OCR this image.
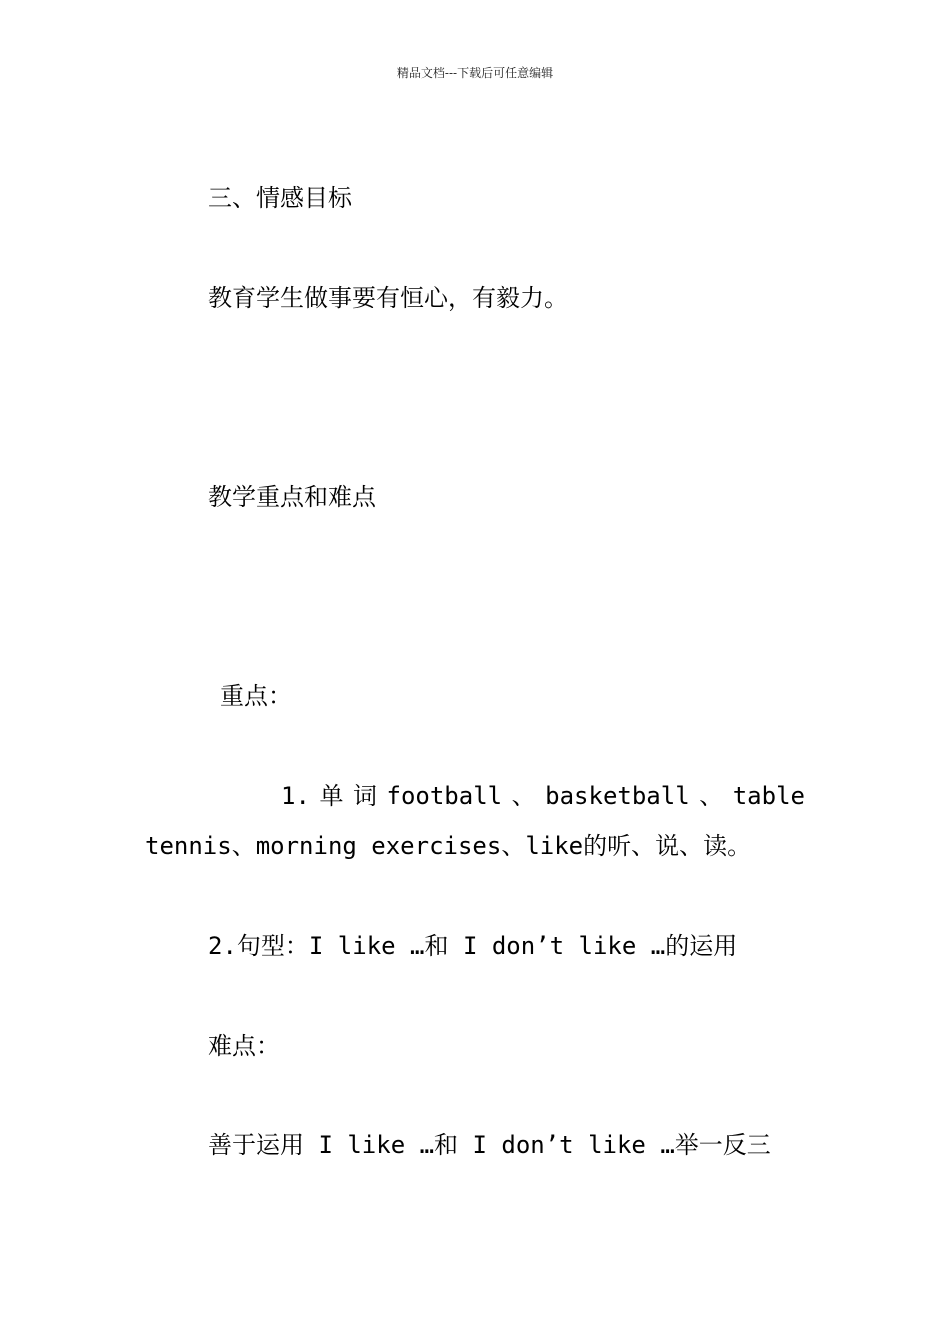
精品文档---下载后可任意编辑
三、情感目标
教育学生做事要有恒心，有毅力。
教学重点和难点
重点：
1. 单 词 football 、 basketball 、 table
tennis、morning exercises、like的听、说、读。
2.句型：I like …和 I don’t like …的运用
难点：
善于运用 I like …和 I don’t like …举一反三
